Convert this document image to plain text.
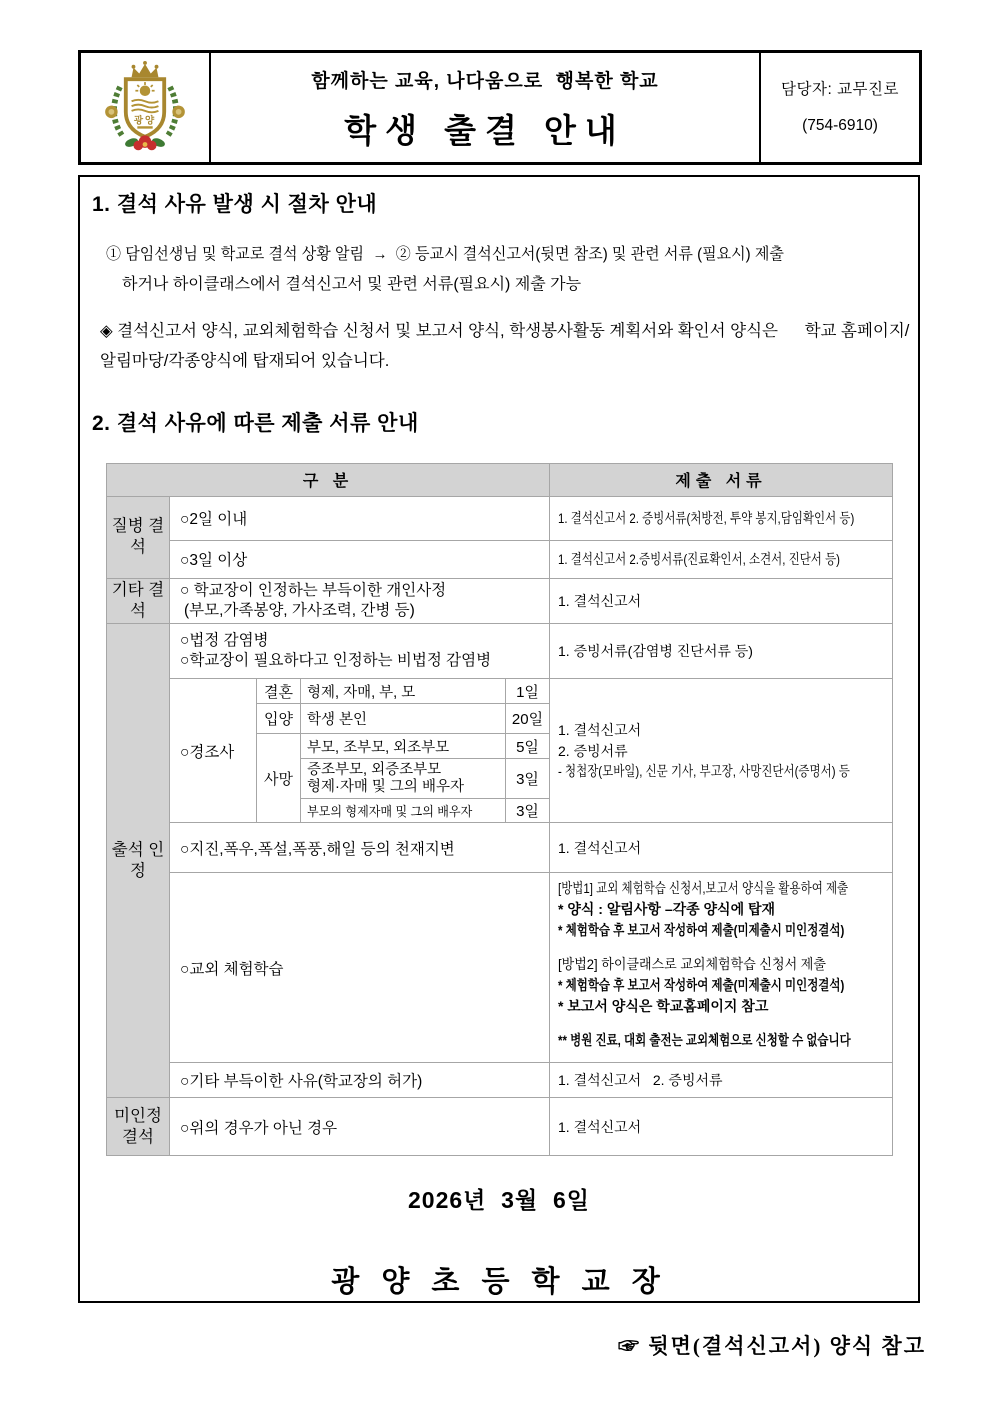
광양
함께하는 교육, 나다움으로  행복한 학교
학생 출결 안내
담당자: 교무진로
(754-6910)
1. 결석 사유 발생 시 절차 안내
① 담임선생님 및 학교로 결석 상황 알림  →  ② 등교시 결석신고서(뒷면 참조) 및 관련 서류 (필요시) 제출
하거나 하이클래스에서 결석신고서 및 관련 서류(필요시) 제출 가능
◈ 결석신고서 양식, 교외체험학습 신청서 및 보고서 양식, 학생봉사활동 계획서와 확인서 양식은 학교 홈페이지/알림마당/각종양식에 탑재되어 있습니다.
2. 결석 사유에 따른 제출 서류 안내
구 분					제출 서류
질병 결석	○2일 이내				1. 결석신고서 2. 증빙서류(처방전, 투약 봉지,담임확인서 등)
	○3일 이상				1. 결석신고서 2.증빙서류(진료확인서, 소견서, 진단서 등)
기타 결석	○ 학교장이 인정하는 부득이한 개인사정
(부모,가족봉양, 가사조력, 간병 등)				1. 결석신고서
출석 인정	○법정 감염병
○학교장이 필요하다고 인정하는 비법정 감염병				1. 증빙서류(감염병 진단서류 등)
	○경조사	결혼	형제, 자매, 부, 모	1일	1. 결석신고서
2. 증빙서류
- 청첩장(모바일), 신문 기사, 부고장, 사망진단서(증명서) 등

		입양	학생 본인	20일	
		사망	부모, 조부모, 외조부모	5일	

			증조부모, 외증조부모
형제·자매 및 그의 배우자	3일	
			부모의 형제자매 및 그의 배우자	3일	
	○지진,폭우,폭설,폭풍,해일 등의 천재지변				1. 결석신고서
○교외 체험학습	
[방법1] 교외 체험학습 신청서,보고서 양식을 활용하여 제출
* 양식 : 알림사항 –각종 양식에 탑재
* 체험학습 후 보고서 작성하여 제출(미제출시 미인정결석)
[방법2] 하이클래스로 교외체험학습 신청서 제출
* 체험학습 후 보고서 작성하여 제출(미제출시 미인정결석)
* 보고서 양식은 학교홈페이지 참고
** 병원 진료, 대회 출전는 교외체험으로 신청할 수 없습니다

	○기타 부득이한 사유(학교장의 허가)				1. 결석신고서   2. 증빙서류
미인정 결석	○위의 경우가 아닌 경우				1. 결석신고서
2026년  3월  6일
광 양 초 등 학 교 장
☞ 뒷면(결석신고서) 양식 참고
